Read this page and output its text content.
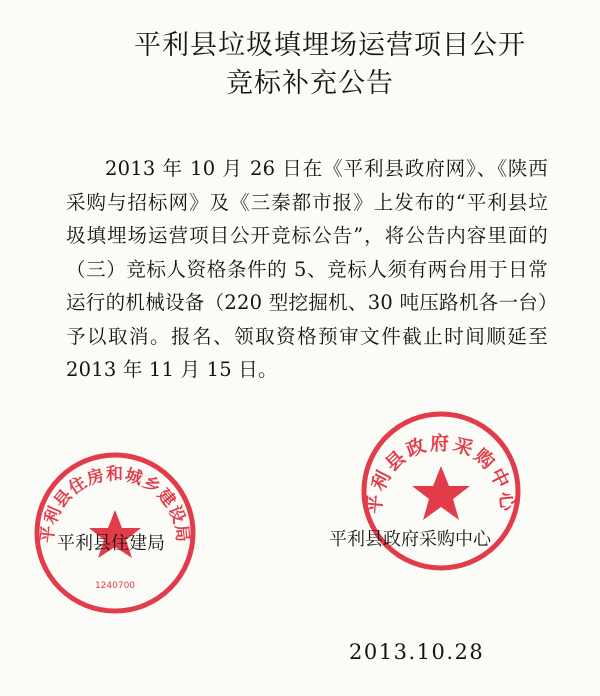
平利县垃圾填埋场运营项目公开
竞标补充公告
2013 年 10 月 26 日在《平利县政府网》、《陕西采购与招标网》及《三秦都市报》上发布的“平利县垃圾填埋场运营项目公开竞标公告”，将公告内容里面的（三）竞标人资格条件的 5、竞标人须有两台用于日常运行的机械设备（220 型挖掘机、30 吨压路机各一台）予以取消。报名、领取资格预审文件截止时间顺延至 2013 年 11 月 15 日。
平利县住房和城乡建设局
1240700
平利县政府采购中心
平利县住建局	平利县政府采购中心
2013.10.28
